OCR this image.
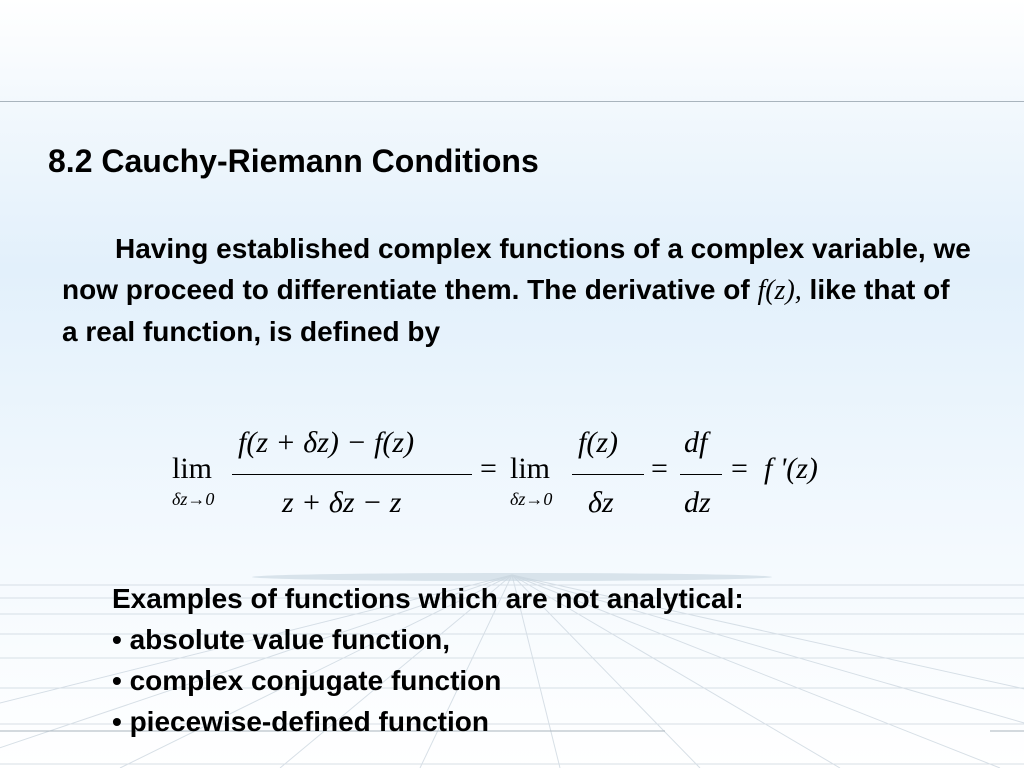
8.2 Cauchy-Riemann Conditions
Having established complex functions of a complex variable, we now proceed to differentiate them. The derivative of f(z), like that of a real function, is defined by
lim
δz→0
f(z + δz) − f(z)
z + δz − z
= lim
δz→0
f(z)
δz
=
df
dz
= f '(z)
Examples of functions which are not analytical:
• absolute value function,
• complex conjugate function
• piecewise-defined function
